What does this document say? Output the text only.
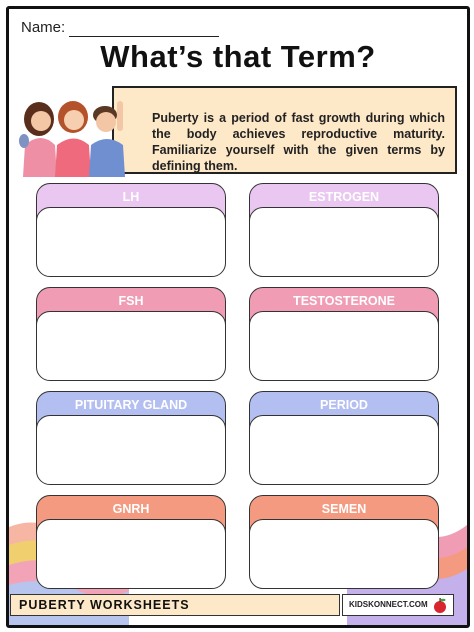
Name:
What’s that Term?
Puberty is a period of fast growth during which the body achieves reproductive maturity. Familiarize yourself with the given terms by defining them.
LH	ESTROGEN
FSH	TESTOSTERONE
PITUITARY GLAND	PERIOD
GNRH	SEMEN
PUBERTY WORKSHEETS	KIDSKONNECT.COM
